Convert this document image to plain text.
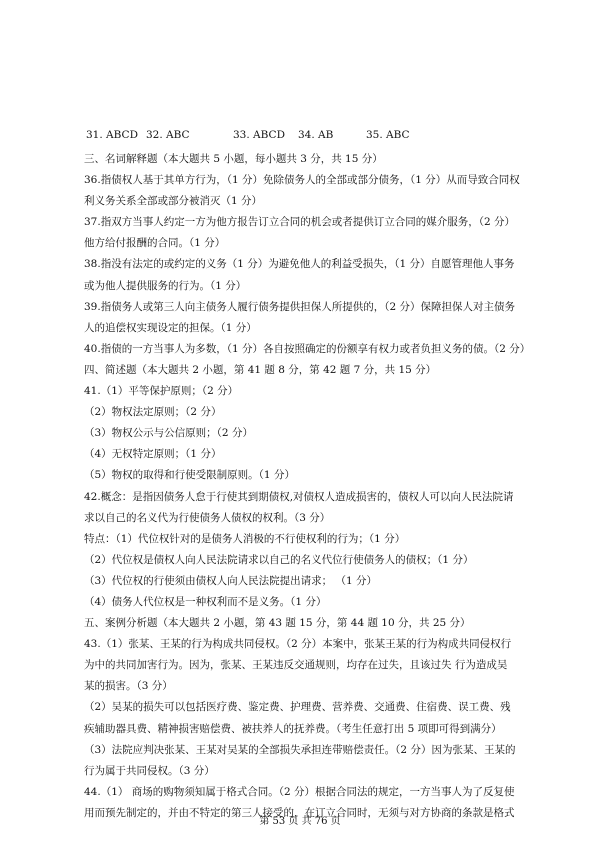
31. ABCD 32. ABC	33. ABCD 34. AB	35. ABC
三、名词解释题（本大题共 5 小题，每小题共 3 分，共 15 分）
36.指债权人基于其单方行为，（1 分）免除债务人的全部或部分债务，（1 分）从而导致合同权
利义务关系全部或部分被消灭（1 分）
37.指双方当事人约定一方为他方报告订立合同的机会或者提供订立合同的媒介服务，（2 分）
他方给付报酬的合同。（1 分）
38.指没有法定的或约定的义务（1 分）为避免他人的利益受损失，（1 分）自愿管理他人事务
或为他人提供服务的行为。（1 分）
39.指债务人或第三人向主债务人履行债务提供担保人所提供的，（2 分）保障担保人对主债务
人的追偿权实现设定的担保。（1 分）
40.指债的一方当事人为多数，（1 分）各自按照确定的份额享有权力或者负担义务的债。（2 分）
四、简述题（本大题共 2 小题，第 41 题 8 分，第 42 题 7 分，共 15 分）
41.（1）平等保护原则；（2 分）
（2）物权法定原则；（2 分）
（3）物权公示与公信原则；（2 分）
（4）无权特定原则；（1 分）
（5）物权的取得和行使受限制原则。（1 分）
42.概念：是指因债务人怠于行使其到期债权,对债权人造成损害的，债权人可以向人民法院请
求以自己的名义代为行使债务人债权的权利。（3 分）
特点：（1）代位权针对的是债务人消极的不行使权利的行为；（1 分）
（2）代位权是债权人向人民法院请求以自己的名义代位行使债务人的债权；（1 分）
（3）代位权的行使须由债权人向人民法院提出请求； （1 分）
（4）债务人代位权是一种权利而不是义务。（1 分）
五、案例分析题（本大题共 2 小题，第 43 题 15 分，第 44 题 10 分，共 25 分）
43.（1）张某、王某的行为构成共同侵权。（2 分）本案中，张某王某的行为构成共同侵权行
为中的共同加害行为。因为，张某、王某违反交通规则，均存在过失，且该过失 行为造成吴
某的损害。（3 分）
（2）吴某的损失可以包括医疗费、鉴定费、护理费、营养费、交通费、住宿费、误工费、残
疾辅助器具费、精神损害赔偿费、被扶养人的抚养费。（考生任意打出 5 项即可得到满分）
（3）法院应判决张某、王某对吴某的全部损失承担连带赔偿责任。（2 分）因为张某、王某的
行为属于共同侵权。（3 分）
44.（1） 商场的购物须知属于格式合同。（2 分）根据合同法的规定，一方当事人为了反复使
用而预先制定的，并由不特定的第三人接受的，在订立合同时，无须与对方协商的条款是格式
第 53 页 共 76 页
